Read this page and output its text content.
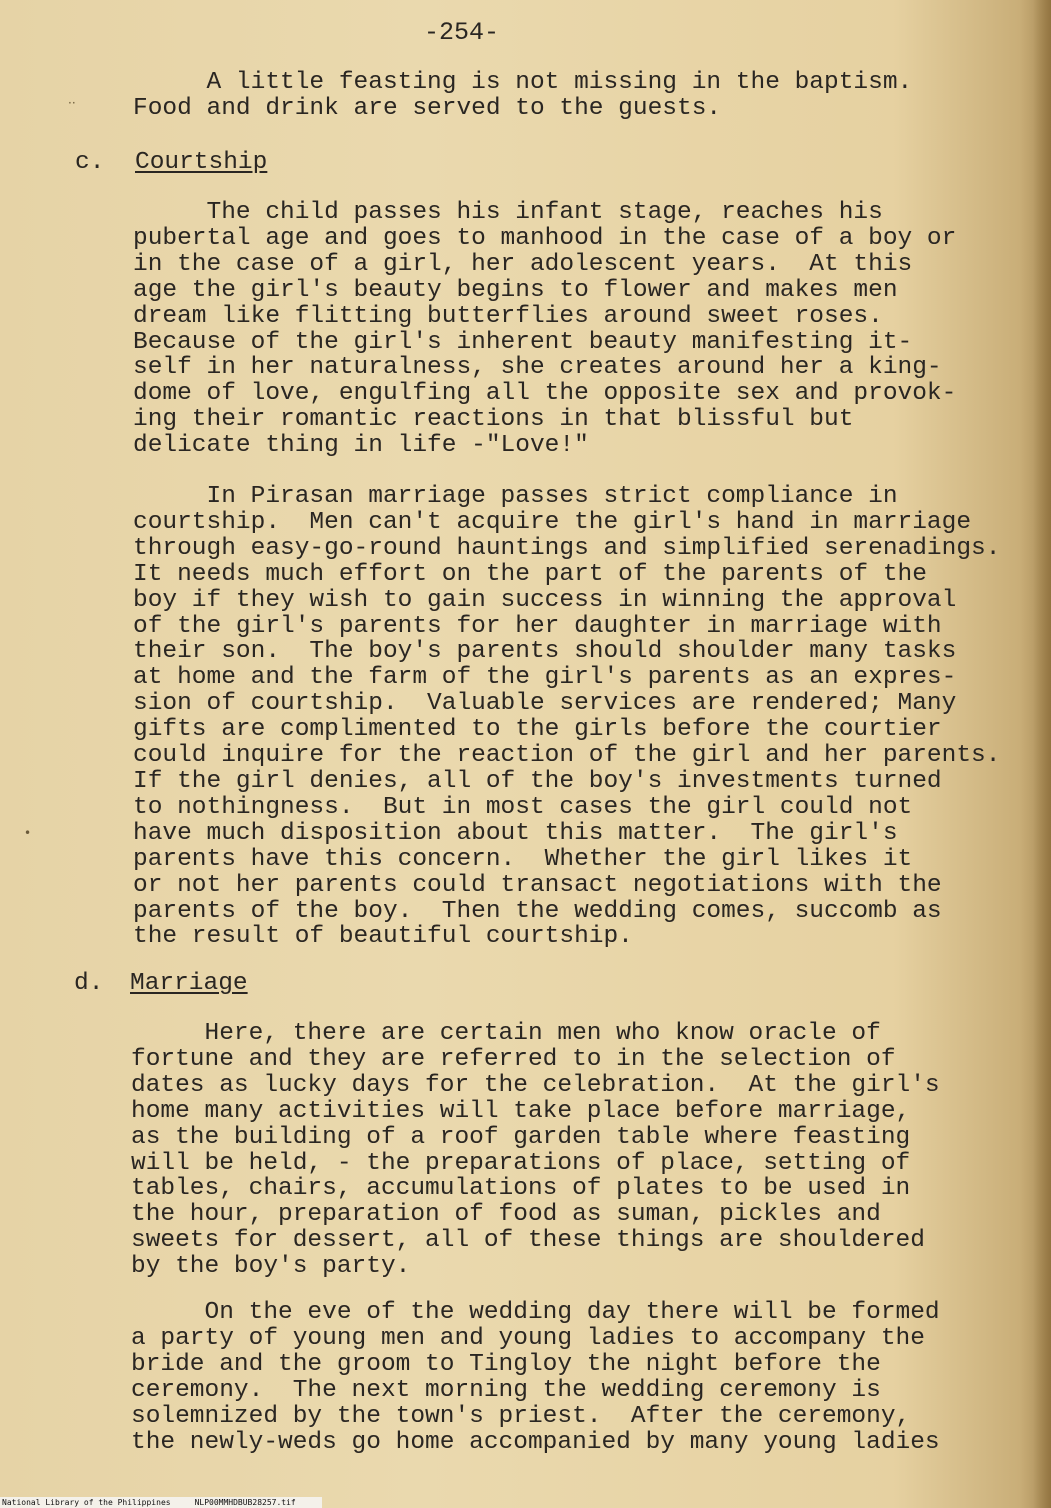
-254-

A little feasting is not missing in the baptism.
Food and drink are served to the guests.

c. Courtship

The child passes his infant stage, reaches his
pubertal age and goes to manhood in the case of a boy or
in the case of a girl, her adolescent years.  At this
age the girl's beauty begins to flower and makes men
dream like flitting butterflies around sweet roses.
Because of the girl's inherent beauty manifesting it-
self in her naturalness, she creates around her a king-
dome of love, engulfing all the opposite sex and provok-
ing their romantic reactions in that blissful but
delicate thing in life -"Love!"

In Pirasan marriage passes strict compliance in
courtship.  Men can't acquire the girl's hand in marriage
through easy-go-round hauntings and simplified serenadings.
It needs much effort on the part of the parents of the
boy if they wish to gain success in winning the approval
of the girl's parents for her daughter in marriage with
their son.  The boy's parents should shoulder many tasks
at home and the farm of the girl's parents as an expres-
sion of courtship.  Valuable services are rendered; Many
gifts are complimented to the girls before the courtier
could inquire for the reaction of the girl and her parents.
If the girl denies, all of the boy's investments turned
to nothingness.  But in most cases the girl could not
have much disposition about this matter.  The girl's
parents have this concern.  Whether the girl likes it
or not her parents could transact negotiations with the
parents of the boy.  Then the wedding comes, succomb as
the result of beautiful courtship.

d. Marriage

Here, there are certain men who know oracle of
fortune and they are referred to in the selection of
dates as lucky days for the celebration.  At the girl's
home many activities will take place before marriage,
as the building of a roof garden table where feasting
will be held, - the preparations of place, setting of
tables, chairs, accumulations of plates to be used in
the hour, preparation of food as suman, pickles and
sweets for dessert, all of these things are shouldered
by the boy's party.

On the eve of the wedding day there will be formed
a party of young men and young ladies to accompany the
bride and the groom to Tingloy the night before the
ceremony.  The next morning the wedding ceremony is
solemnized by the town's priest.  After the ceremony,
the newly-weds go home accompanied by many young ladies

··
•
National Library of the Philippines	NLP00MMHDBUB28257.tif
